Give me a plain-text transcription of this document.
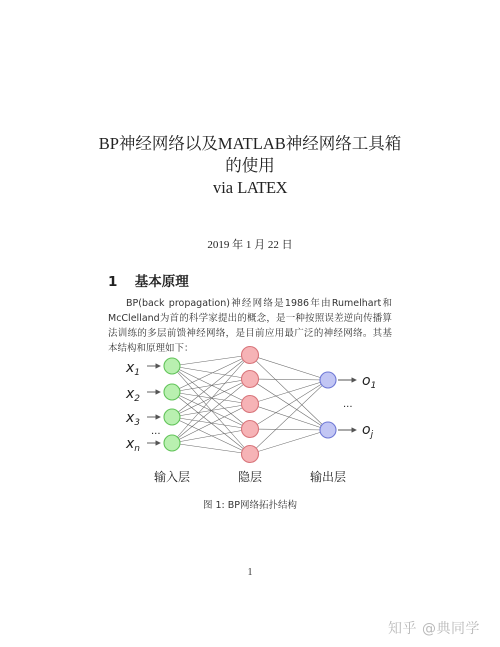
BP神经网络以及MATLAB神经网络工具箱
的使用
via LATEX
2019 年 1 月 22 日
1 基本原理
BP(back propagation)神经网络是1986年由Rumelhart和McClelland为首的科学家提出的概念，是一种按照误差逆向传播算法训练的多层前馈神经网络，是目前应用最广泛的神经网络。其基本结构和原理如下：
$x_1$
$x_2$
$x_3$
...
$x_n$
$o_1$
...
$o_j$
输入层	隐层	输出层
图 1: BP网络拓扑结构
1
知乎 @典同学
